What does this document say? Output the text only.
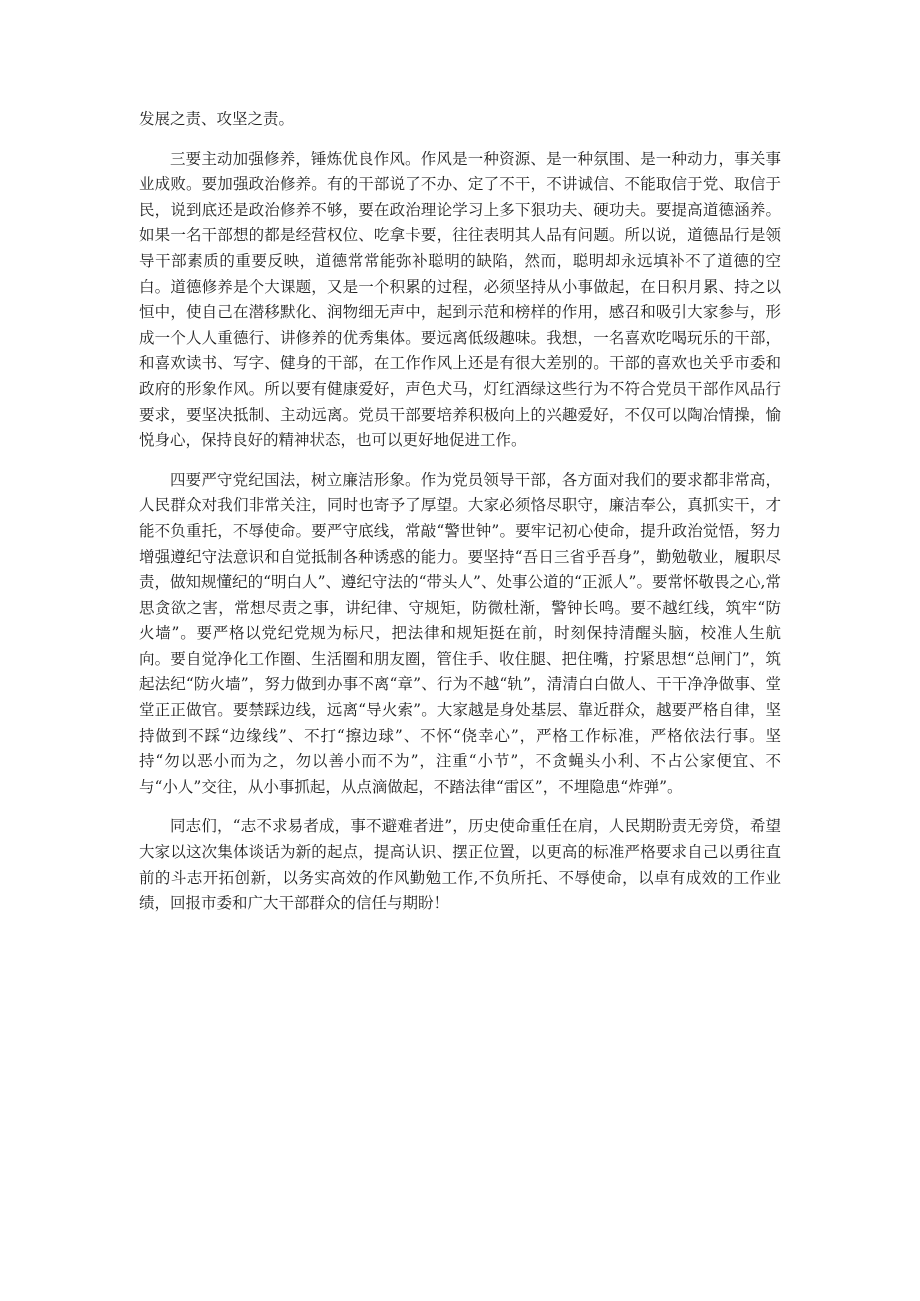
发展之责、攻坚之责。

三要主动加强修养，锤炼优良作风。作风是一种资源、是一种氛围、是一种动力，事关事业成败。要加强政治修养。有的干部说了不办、定了不干，不讲诚信、不能取信于党、取信于民，说到底还是政治修养不够，要在政治理论学习上多下狠功夫、硬功夫。要提高道德涵养。如果一名干部想的都是经营权位、吃拿卡要，往往表明其人品有问题。所以说，道德品行是领导干部素质的重要反映，道德常常能弥补聪明的缺陷，然而，聪明却永远填补不了道德的空白。道德修养是个大课题，又是一个积累的过程，必须坚持从小事做起，在日积月累、持之以恒中，使自己在潜移默化、润物细无声中，起到示范和榜样的作用，感召和吸引大家参与，形成一个人人重德行、讲修养的优秀集体。要远离低级趣味。我想，一名喜欢吃喝玩乐的干部，和喜欢读书、写字、健身的干部，在工作作风上还是有很大差别的。干部的喜欢也关乎市委和政府的形象作风。所以要有健康爱好，声色犬马，灯红酒绿这些行为不符合党员干部作风品行要求，要坚决抵制、主动远离。党员干部要培养积极向上的兴趣爱好，不仅可以陶冶情操，愉悦身心，保持良好的精神状态，也可以更好地促进工作。

四要严守党纪国法，树立廉洁形象。作为党员领导干部，各方面对我们的要求都非常高，人民群众对我们非常关注，同时也寄予了厚望。大家必须恪尽职守，廉洁奉公，真抓实干，才能不负重托，不辱使命。要严守底线，常敲“警世钟”。要牢记初心使命，提升政治觉悟，努力增强遵纪守法意识和自觉抵制各种诱惑的能力。要坚持“吾日三省乎吾身”，勤勉敬业，履职尽责，做知规懂纪的“明白人”、遵纪守法的“带头人”、处事公道的“正派人”。要常怀敬畏之心,常思贪欲之害，常想尽责之事，讲纪律、守规矩，防微杜渐，警钟长鸣。要不越红线，筑牢“防火墙”。要严格以党纪党规为标尺，把法律和规矩挺在前，时刻保持清醒头脑，校准人生航向。要自觉净化工作圈、生活圈和朋友圈，管住手、收住腿、把住嘴，拧紧思想“总闸门”，筑起法纪“防火墙”，努力做到办事不离“章”、行为不越“轨”，清清白白做人、干干净净做事、堂堂正正做官。要禁踩边线，远离“导火索”。大家越是身处基层、靠近群众，越要严格自律，坚持做到不踩“边缘线”、不打“擦边球”、不怀“侥幸心”，严格工作标准，严格依法行事。坚持“勿以恶小而为之，勿以善小而不为”，注重“小节”，不贪蝇头小利、不占公家便宜、不与“小人”交往，从小事抓起，从点滴做起，不踏法律“雷区”，不埋隐患“炸弹”。

同志们，“志不求易者成，事不避难者进”，历史使命重任在肩，人民期盼责无旁贷，希望大家以这次集体谈话为新的起点，提高认识、摆正位置，以更高的标准严格要求自己以勇往直前的斗志开拓创新，以务实高效的作风勤勉工作,不负所托、不辱使命，以卓有成效的工作业绩，回报市委和广大干部群众的信任与期盼！
